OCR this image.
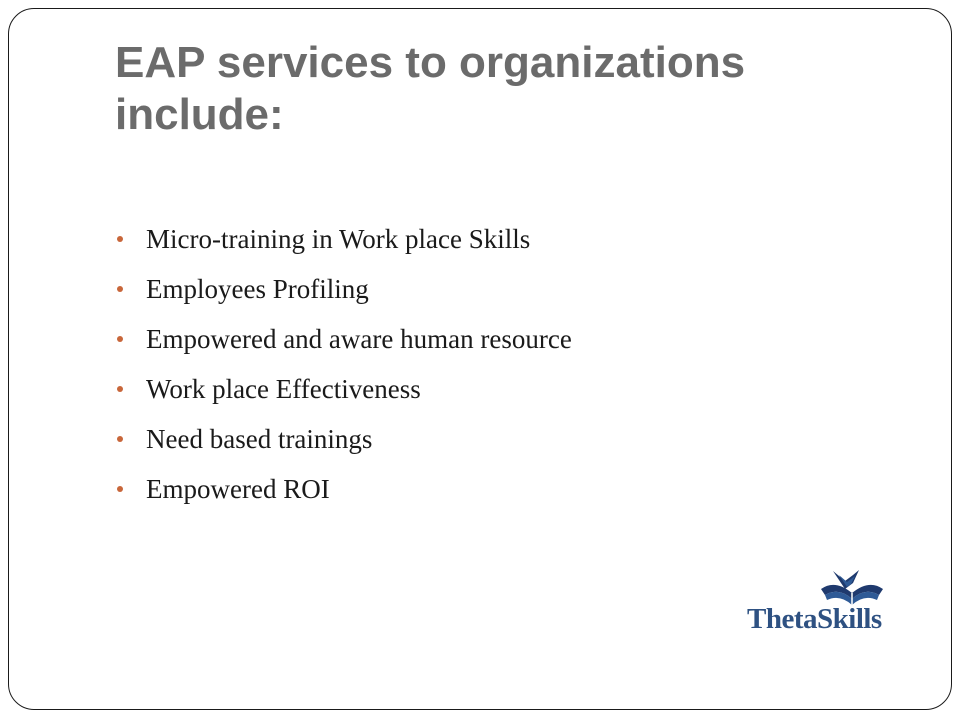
EAP services to organizations include:
Micro-training in Work place Skills
Employees Profiling
Empowered and aware human resource
Work place Effectiveness
Need based trainings
Empowered ROI
ThetaSkills
